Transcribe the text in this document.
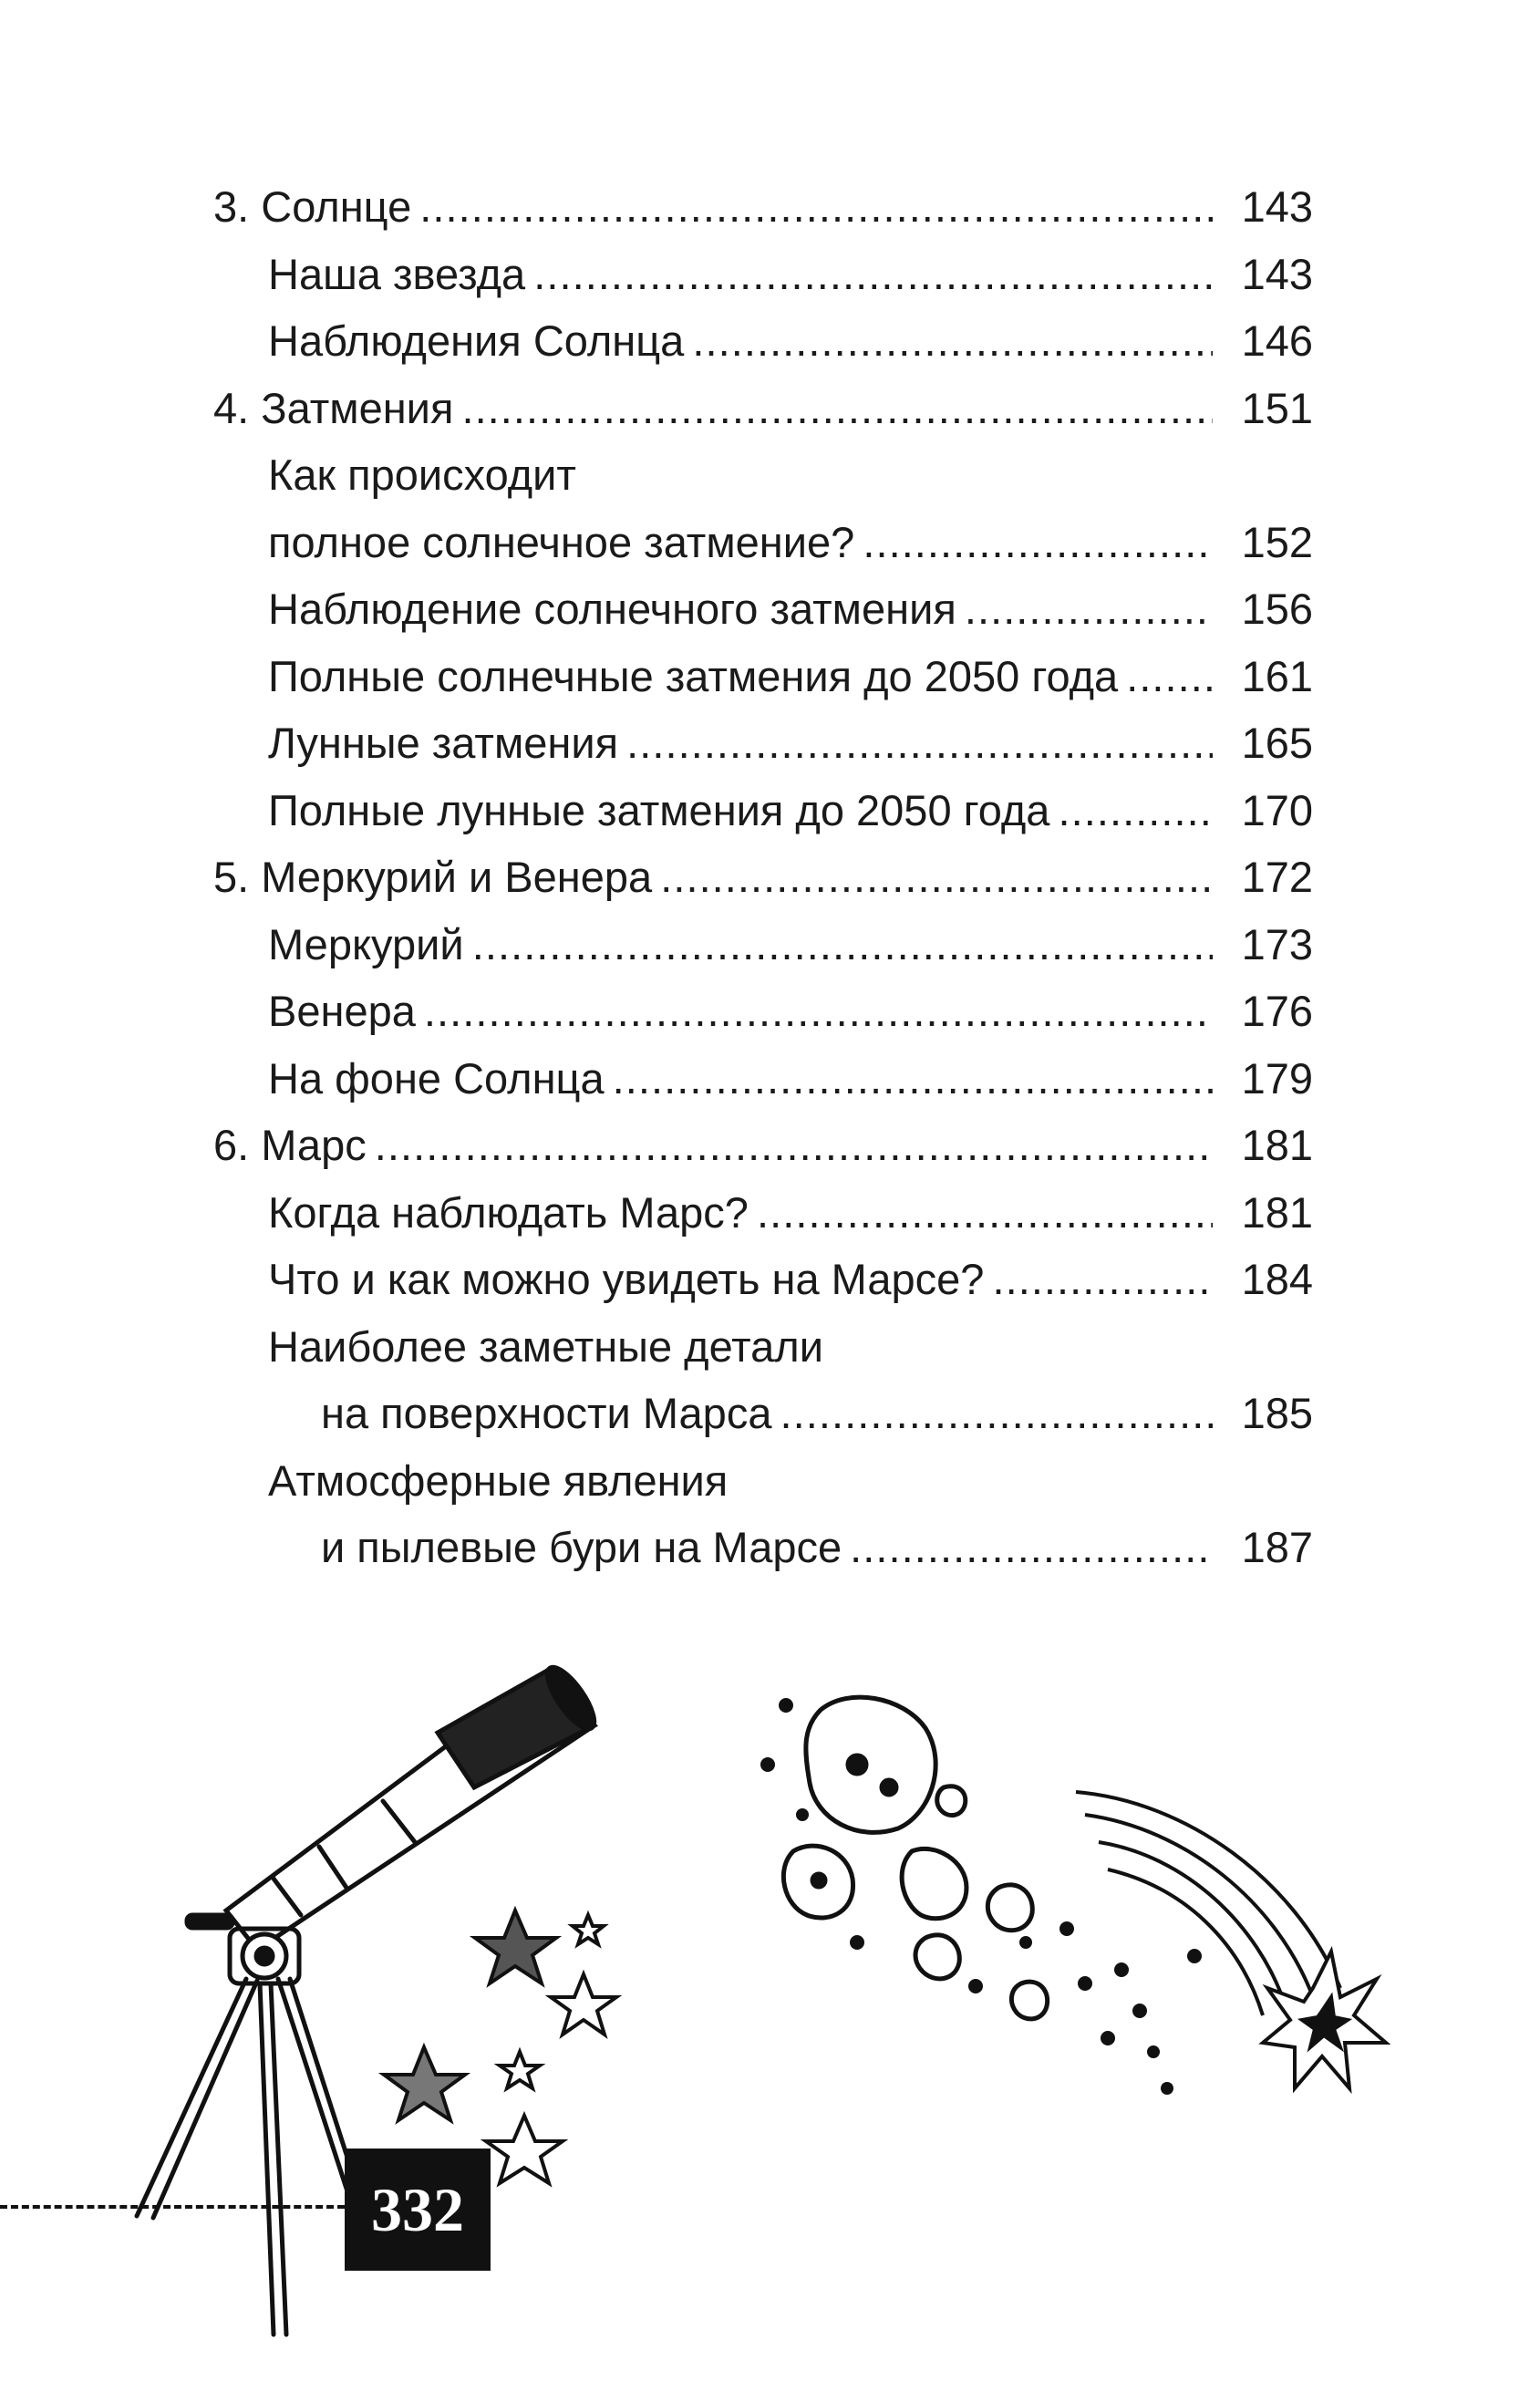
3. Солнце . . .	143
Наша звезда . . .	143
Наблюдения Солнца . . .	146
4. Затмения . . .	151
Как происходит
полное солнечное затмение? . . .	152
Наблюдение солнечного затмения . . .	156
Полные солнечные затмения до 2050 года . . .	161
Лунные затмения . . .	165
Полные лунные затмения до 2050 года . . .	170
5. Меркурий и Венера . . .	172
Меркурий . . .	173
Венера . . .	176
На фоне Солнца . . .	179
6. Марс . . .	181
Когда наблюдать Марс? . . .	181
Что и как можно увидеть на Марсе? . . .	184
Наиболее заметные детали
на поверхности Марса . . .	185
Атмосферные явления
и пылевые бури на Марсе . . .	187
332
